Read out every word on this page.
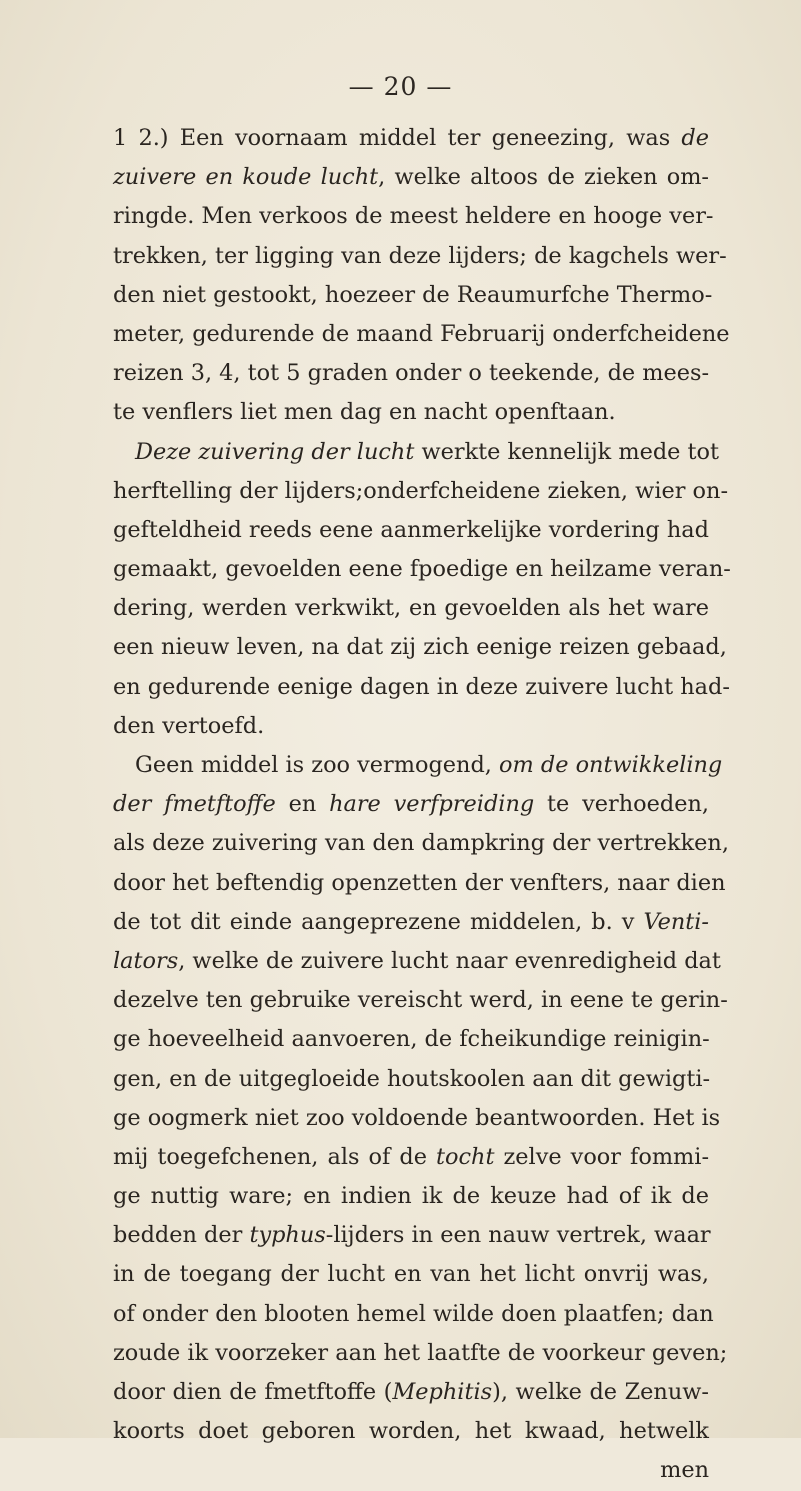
— 20 —
1 2.) Een voornaam middel ter geneezing, was de
zuivere en koude lucht, welke altoos de zieken om-
ringde. Men verkoos de meest heldere en hooge ver-
trekken, ter ligging van deze lijders; de kagchels wer-
den niet gestookt, hoezeer de Reaumurfche Thermo-
meter, gedurende de maand Februarij onderfcheidene
reizen 3, 4, tot 5 graden onder o teekende, de mees-
te venflers liet men dag en nacht openftaan.
Deze zuivering der lucht werkte kennelijk mede tot
herftelling der lijders;onderfcheidene zieken, wier on-
gefteldheid reeds eene aanmerkelijke vordering had
gemaakt, gevoelden eene fpoedige en heilzame veran-
dering, werden verkwikt, en gevoelden als het ware
een nieuw leven, na dat zij zich eenige reizen gebaad,
en gedurende eenige dagen in deze zuivere lucht had-
den vertoefd.
Geen middel is zoo vermogend, om de ontwikkeling
der fmetftoffe en hare verfpreiding te verhoeden,
als deze zuivering van den dampkring der vertrekken,
door het beftendig openzetten der venfters, naar dien
de tot dit einde aangeprezene middelen, b. v Venti-
lators, welke de zuivere lucht naar evenredigheid dat
dezelve ten gebruike vereischt werd, in eene te gerin-
ge hoeveelheid aanvoeren, de fcheikundige reinigin-
gen, en de uitgegloeide houtskoolen aan dit gewigti-
ge oogmerk niet zoo voldoende beantwoorden. Het is
mij toegefchenen, als of de tocht zelve voor fommi-
ge nuttig ware; en indien ik de keuze had of ik de
bedden der typhus-lijders in een nauw vertrek, waar
in de toegang der lucht en van het licht onvrij was,
of onder den blooten hemel wilde doen plaatfen; dan
zoude ik voorzeker aan het laatfte de voorkeur geven;
door dien de fmetftoffe (Mephitis), welke de Zenuw-
koorts doet geboren worden, het kwaad, hetwelk
men
